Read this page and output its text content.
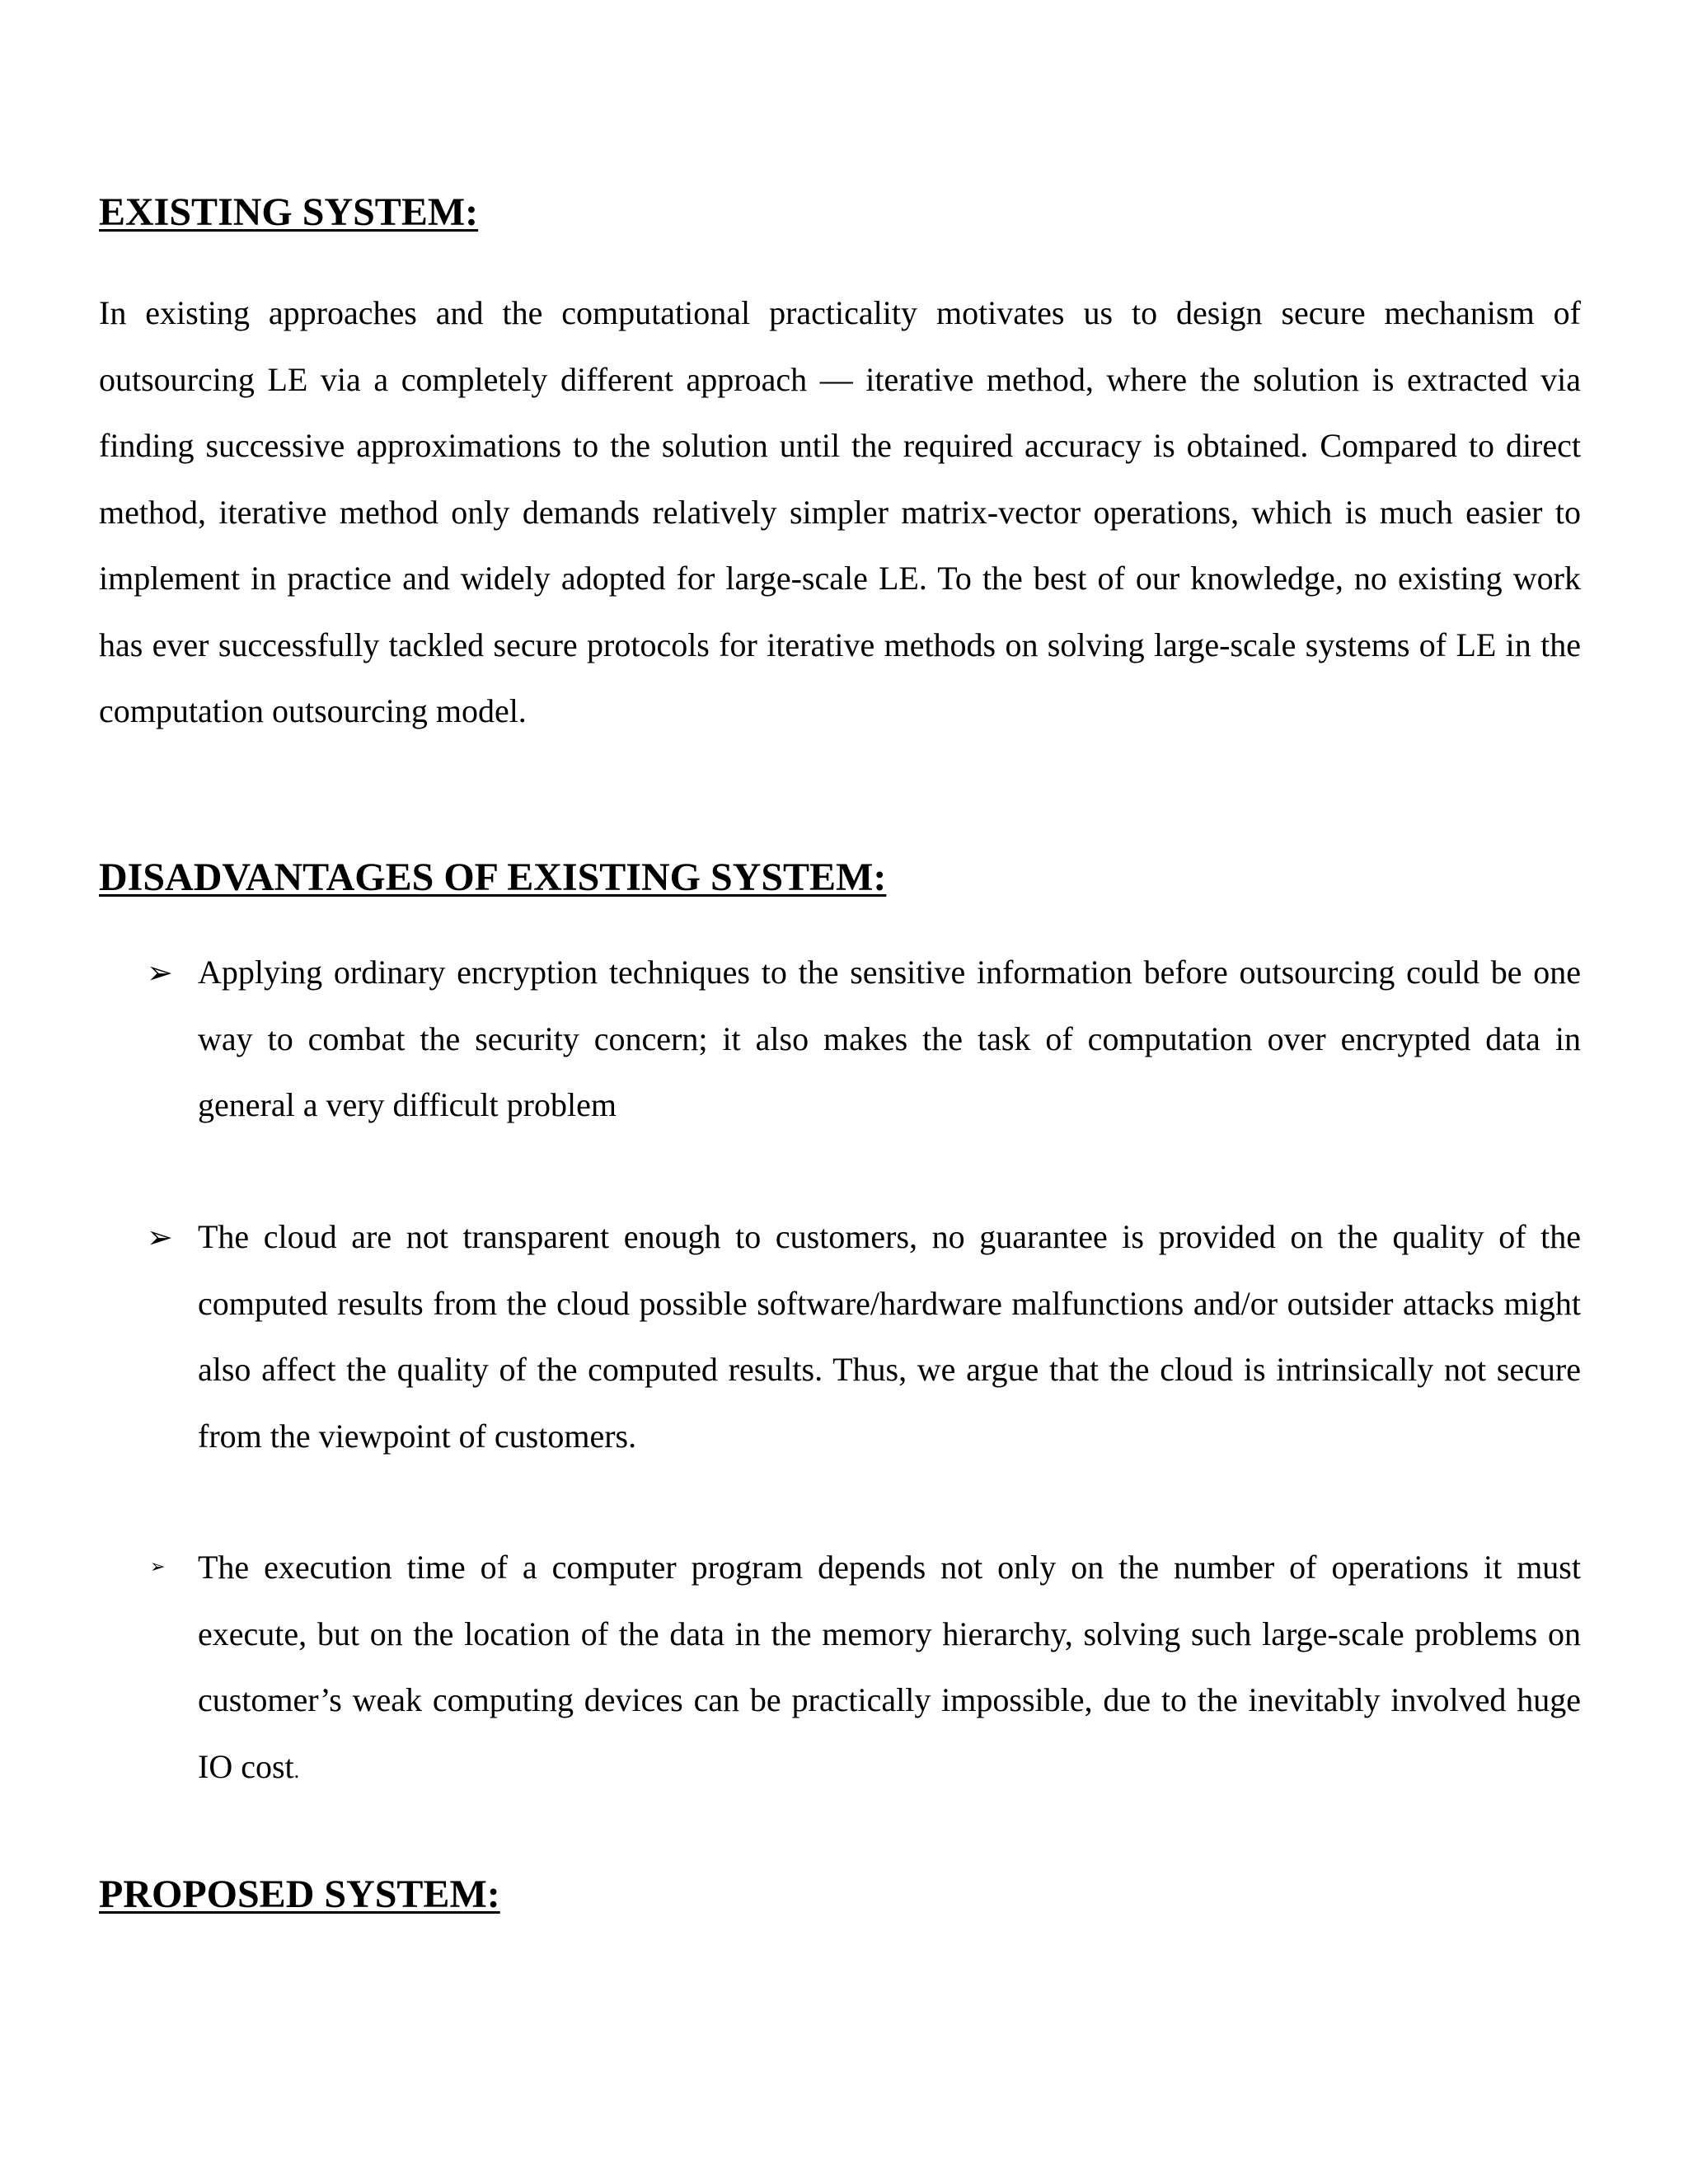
EXISTING SYSTEM:

In existing approaches and the computational practicality motivates us to design secure mechanism of outsourcing LE via a completely different approach — iterative method, where the solution is extracted via finding successive approximations to the solution until the required accuracy is obtained. Compared to direct method, iterative method only demands relatively simpler matrix-vector operations, which is much easier to implement in practice and widely adopted for large-scale LE. To the best of our knowledge, no existing work has ever successfully tackled secure protocols for iterative methods on solving large-scale systems of LE in the computation outsourcing model.

DISADVANTAGES OF EXISTING SYSTEM:
➢ Applying ordinary encryption techniques to the sensitive information before outsourcing could be one way to combat the security concern; it also makes the task of computation over encrypted data in general a very difficult problem

➢ The cloud are not transparent enough to customers, no guarantee is provided on the quality of the computed results from the cloud possible software/hardware malfunctions and/or outsider attacks might also affect the quality of the computed results. Thus, we argue that the cloud is intrinsically not secure from the viewpoint of customers.

➢ The execution time of a computer program depends not only on the number of operations it must execute, but on the location of the data in the memory hierarchy, solving such large-scale problems on customer’s weak computing devices can be practically impossible, due to the inevitably involved huge IO cost.

PROPOSED SYSTEM:
